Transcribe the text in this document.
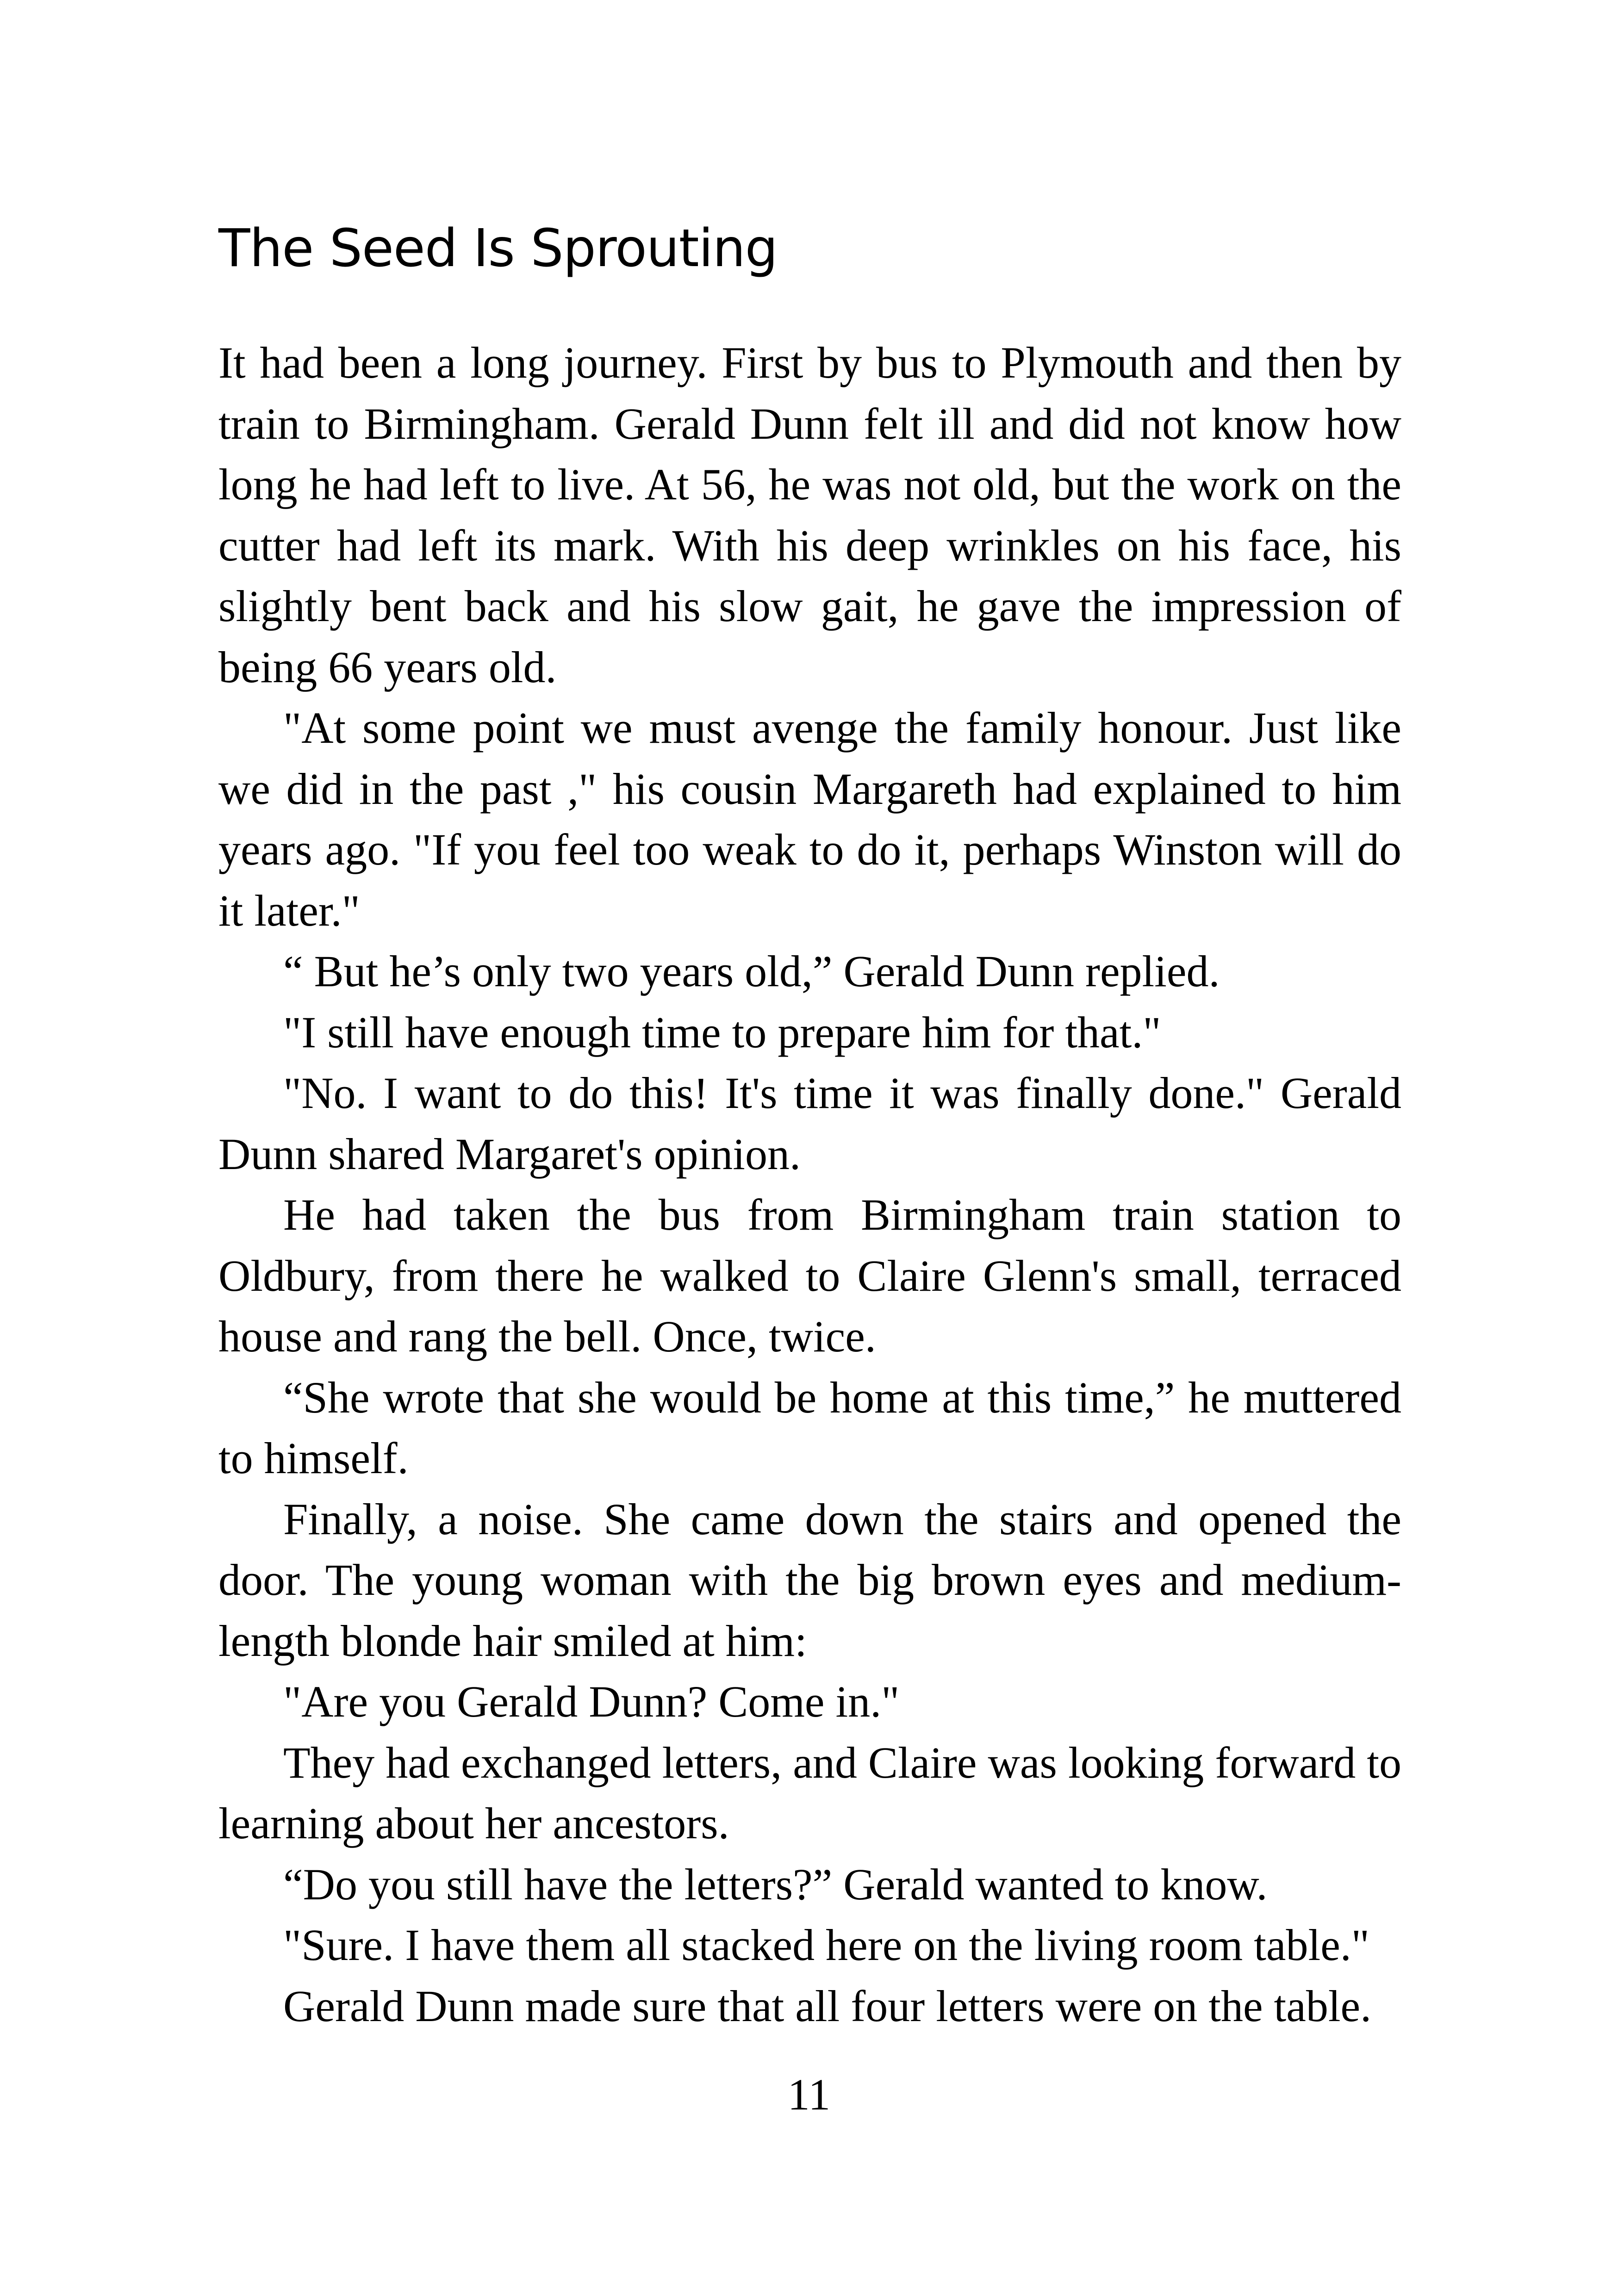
The Seed Is Sprouting

It had been a long journey. First by bus to Plymouth and then by train to Birmingham. Gerald Dunn felt ill and did not know how long he had left to live. At 56, he was not old, but the work on the cutter had left its mark. With his deep wrinkles on his face, his slightly bent back and his slow gait, he gave the impression of being 66 years old.

"At some point we must avenge the family honour. Just like we did in the past ," his cousin Margareth had explained to him years ago. "If you feel too weak to do it, perhaps Winston will do it later."

“ But he’s only two years old,” Gerald Dunn replied.

"I still have enough time to prepare him for that."

"No. I want to do this! It's time it was finally done." Gerald Dunn shared Margaret's opinion.

He had taken the bus from Birmingham train station to Oldbury, from there he walked to Claire Glenn's small, terraced house and rang the bell. Once, twice.

“She wrote that she would be home at this time,” he muttered to himself.

Finally, a noise. She came down the stairs and opened the door. The young woman with the big brown eyes and medium-length blonde hair smiled at him:

"Are you Gerald Dunn? Come in."

They had exchanged letters, and Claire was looking forward to learning about her ancestors.

“Do you still have the letters?” Gerald wanted to know.

"Sure. I have them all stacked here on the living room table."

Gerald Dunn made sure that all four letters were on the table.

11
